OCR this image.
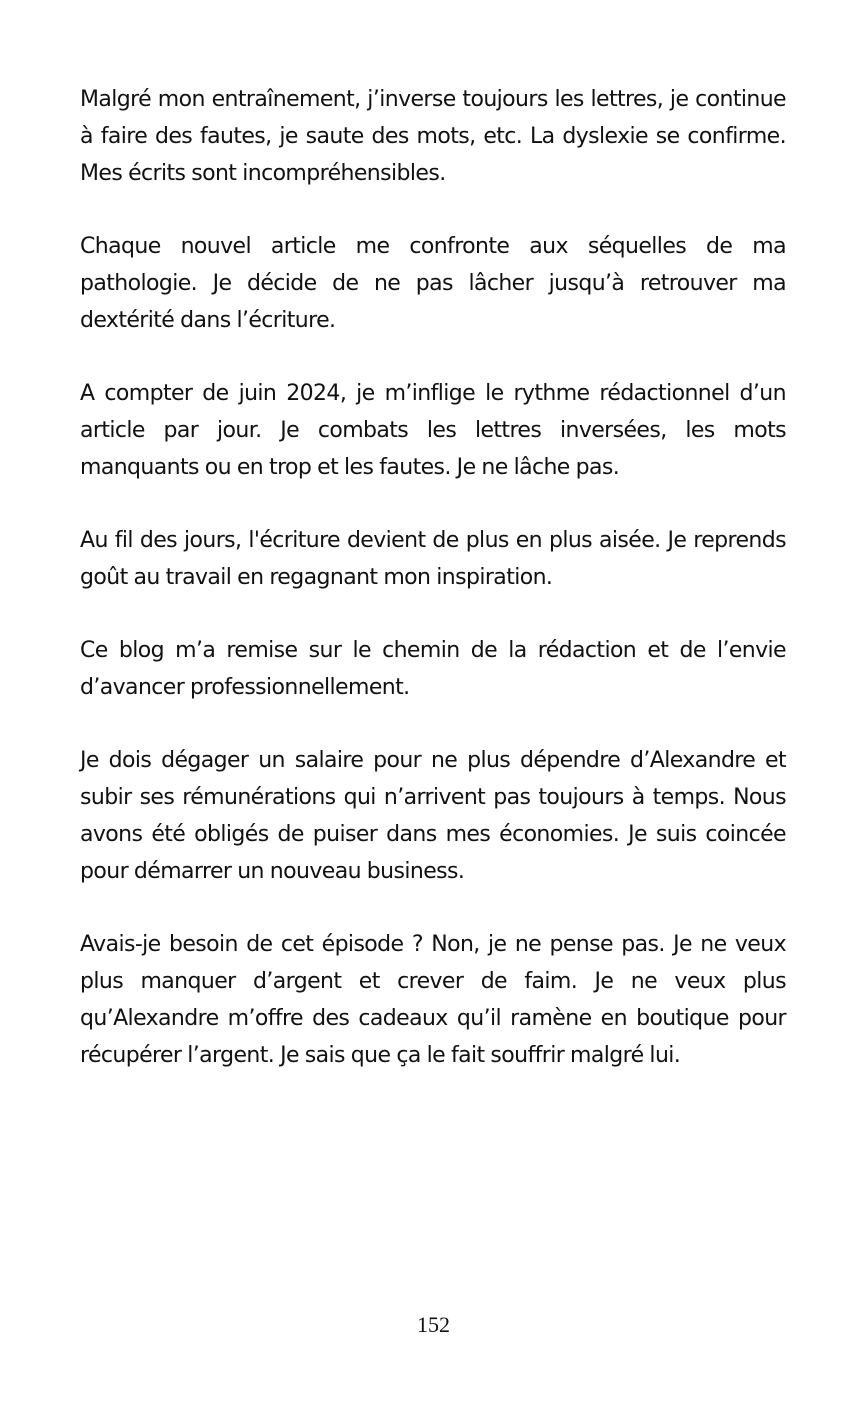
Malgré mon entraînement, j’inverse toujours les lettres, je continue à faire des fautes, je saute des mots, etc. La dyslexie se confirme. Mes écrits sont incompréhensibles.

Chaque nouvel article me confronte aux séquelles de ma pathologie. Je décide de ne pas lâcher jusqu’à retrouver ma dextérité dans l’écriture.

A compter de juin 2024, je m’inflige le rythme rédactionnel d’un article par jour. Je combats les lettres inversées, les mots manquants ou en trop et les fautes. Je ne lâche pas.

Au fil des jours, l'écriture devient de plus en plus aisée. Je reprends goût au travail en regagnant mon inspiration.

Ce blog m’a remise sur le chemin de la rédaction et de l’envie d’avancer professionnellement.

Je dois dégager un salaire pour ne plus dépendre d’Alexandre et subir ses rémunérations qui n’arrivent pas toujours à temps. Nous avons été obligés de puiser dans mes économies. Je suis coincée pour démarrer un nouveau business.

Avais-je besoin de cet épisode ? Non, je ne pense pas. Je ne veux plus manquer d’argent et crever de faim. Je ne veux plus qu’Alexandre m’offre des cadeaux qu’il ramène en boutique pour récupérer l’argent. Je sais que ça le fait souffrir malgré lui.

152
